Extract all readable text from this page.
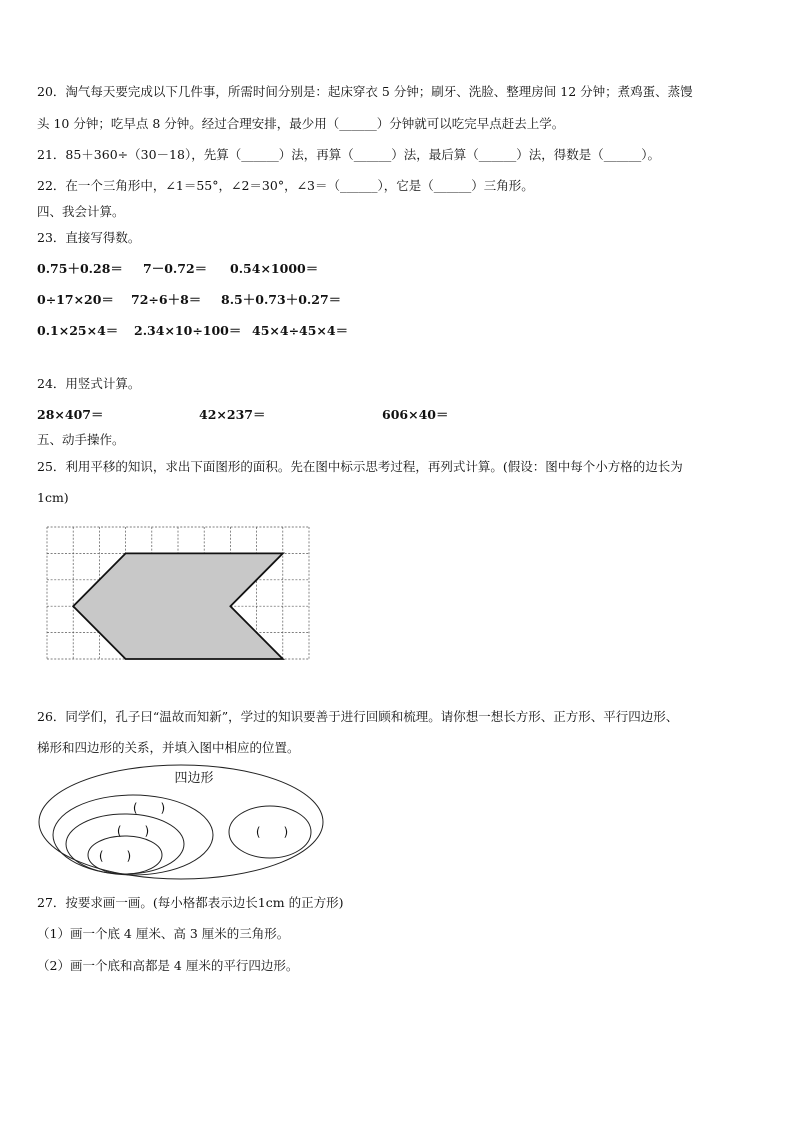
20．淘气每天要完成以下几件事，所需时间分别是：起床穿衣 5 分钟；刷牙、洗脸、整理房间 12 分钟；煮鸡蛋、蒸馒
头 10 分钟；吃早点 8 分钟。经过合理安排，最少用（______）分钟就可以吃完早点赶去上学。
21．85＋360÷（30－18），先算（______）法，再算（______）法，最后算（______）法，得数是（______）。
22．在一个三角形中，∠1＝55°，∠2＝30°，∠3＝（______），它是（______）三角形。
四、我会计算。
23．直接写得数。
0.75＋0.28＝ 7－0.72＝ 0.54×1000＝
0÷17×20＝ 72÷6＋8＝ 8.5＋0.73＋0.27＝
0.1×25×4＝ 2.34×10÷100＝ 45×4÷45×4＝
24．用竖式计算。
28×407＝	42×237＝	606×40＝
五、动手操作。
25．利用平移的知识，求出下面图形的面积。先在图中标示思考过程，再列式计算。(假设：图中每个小方格的边长为
1cm)
26．同学们，孔子曰“温故而知新”，学过的知识要善于进行回顾和梳理。请你想一想长方形、正方形、平行四边形、
梯形和四边形的关系，并填入图中相应的位置。
四边形
(      )
(      )
(      )
(      )
27．按要求画一画。(每小格都表示边长1cm 的正方形)
（1）画一个底 4 厘米、高 3 厘米的三角形。
（2）画一个底和高都是 4 厘米的平行四边形。
